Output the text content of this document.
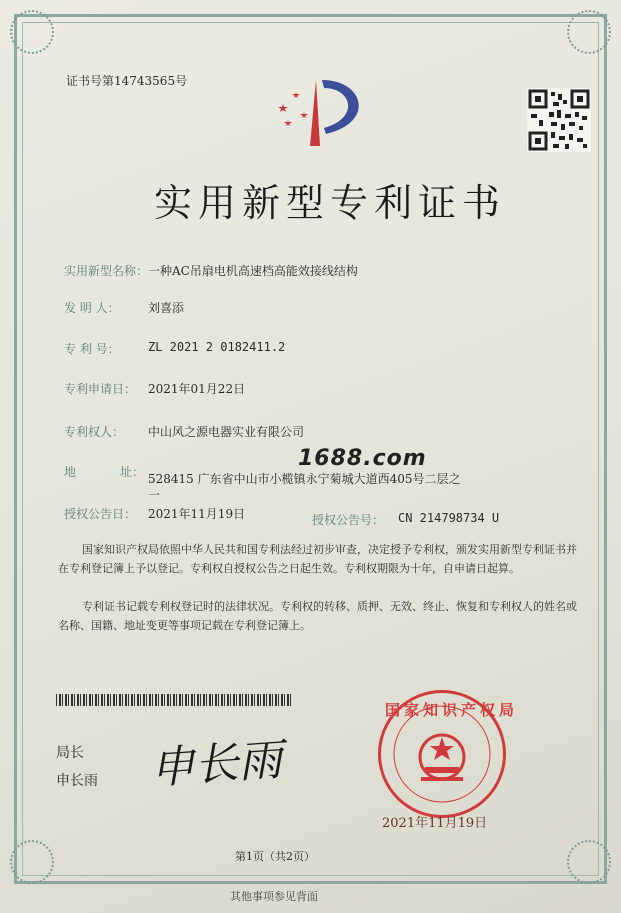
证书号第14743565号
实用新型专利证书
实用新型名称： 一种AC吊扇电机高速档高能效接线结构
发 明 人： 刘喜添
专 利 号： ZL 2021 2 0182411.2
专利申请日： 2021年01月22日
专利权人： 中山风之源电器实业有限公司
地	址： 528415 广东省中山市小榄镇永宁菊城大道西405号二层之
一
1688.com
授权公告日： 2021年11月19日	授权公告号： CN 214798734 U
国家知识产权局依照中华人民共和国专利法经过初步审查，决定授予专利权，颁发实用新型专利证书并在专利登记簿上予以登记。专利权自授权公告之日起生效。专利权期限为十年，自申请日起算。
专利证书记载专利权登记时的法律状况。专利权的转移、质押、无效、终止、恢复和专利权人的姓名或名称、国籍、地址变更等事项记载在专利登记簿上。
局长
申长雨 申长雨
国家知识产权局
2021年11月19日
第1页（共2页）
其他事项参见背面
